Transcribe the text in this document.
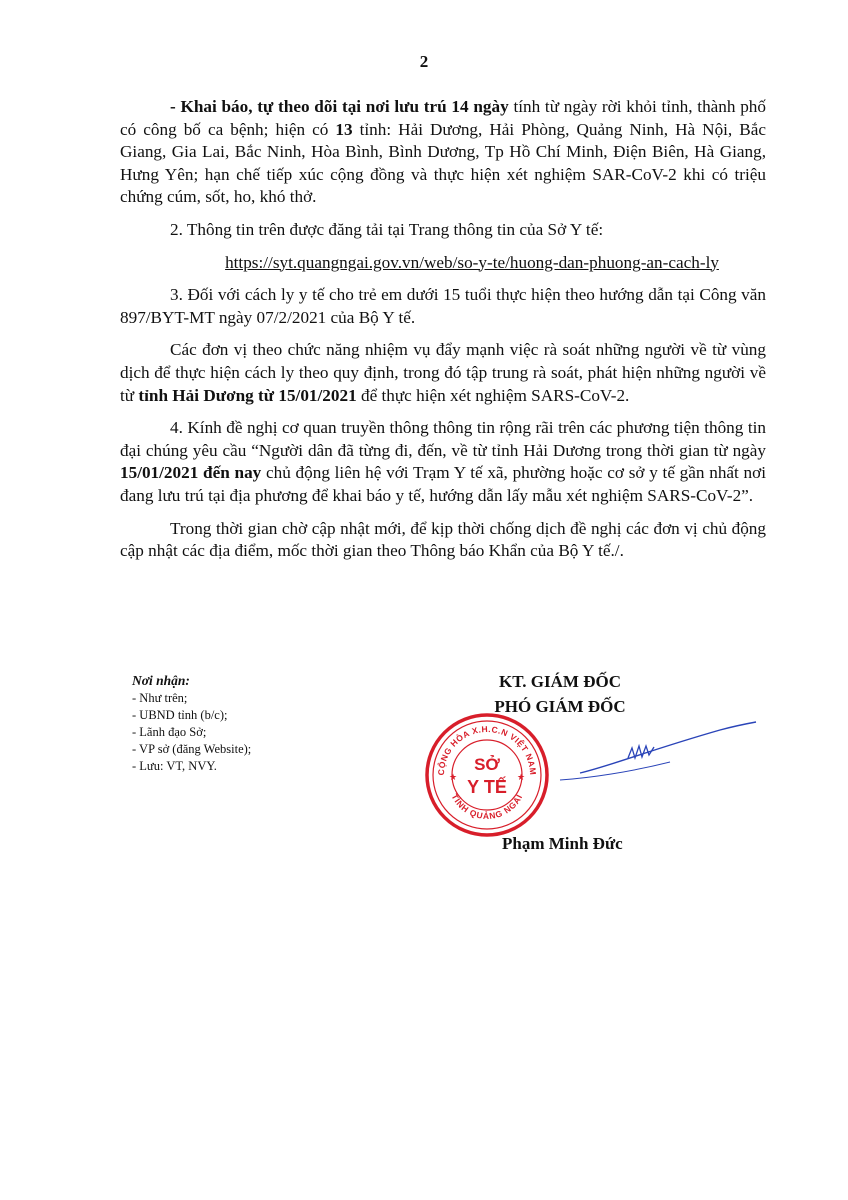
2

- Khai báo, tự theo dõi tại nơi lưu trú 14 ngày tính từ ngày rời khỏi tỉnh, thành phố có công bố ca bệnh; hiện có 13 tỉnh: Hải Dương, Hải Phòng, Quảng Ninh, Hà Nội, Bắc Giang, Gia Lai, Bắc Ninh, Hòa Bình, Bình Dương, Tp Hồ Chí Minh, Điện Biên, Hà Giang, Hưng Yên; hạn chế tiếp xúc cộng đồng và thực hiện xét nghiệm SAR-CoV-2 khi có triệu chứng cúm, sốt, ho, khó thở.

2. Thông tin trên được đăng tải tại Trang thông tin của Sở Y tế:

https://syt.quangngai.gov.vn/web/so-y-te/huong-dan-phuong-an-cach-ly

3. Đối với cách ly y tế cho trẻ em dưới 15 tuổi thực hiện theo hướng dẫn tại Công văn 897/BYT-MT ngày 07/2/2021 của Bộ Y tế.

Các đơn vị theo chức năng nhiệm vụ đẩy mạnh việc rà soát những người về từ vùng dịch để thực hiện cách ly theo quy định, trong đó tập trung rà soát, phát hiện những người về từ tỉnh Hải Dương từ 15/01/2021 để thực hiện xét nghiệm SARS-CoV-2.

4. Kính đề nghị cơ quan truyền thông thông tin rộng rãi trên các phương tiện thông tin đại chúng yêu cầu “Người dân đã từng đi, đến, về từ tỉnh Hải Dương trong thời gian từ ngày 15/01/2021 đến nay chủ động liên hệ với Trạm Y tế xã, phường hoặc cơ sở y tế gần nhất nơi đang lưu trú tại địa phương để khai báo y tế, hướng dẫn lấy mẫu xét nghiệm SARS-CoV-2”.

Trong thời gian chờ cập nhật mới, để kịp thời chống dịch đề nghị các đơn vị chủ động cập nhật các địa điểm, mốc thời gian theo Thông báo Khẩn của Bộ Y tế./.

Nơi nhận:
- Như trên;
- UBND tỉnh (b/c);
- Lãnh đạo Sở;
- VP sở (đăng Website);
- Lưu: VT, NVY.
KT. GIÁM ĐỐC
PHÓ GIÁM ĐỐC
CỘNG HÒA X.H.C.N VIỆT NAM
TỈNH QUẢNG NGÃI
SỞ
Y TẾ
★	★
Phạm Minh Đức
